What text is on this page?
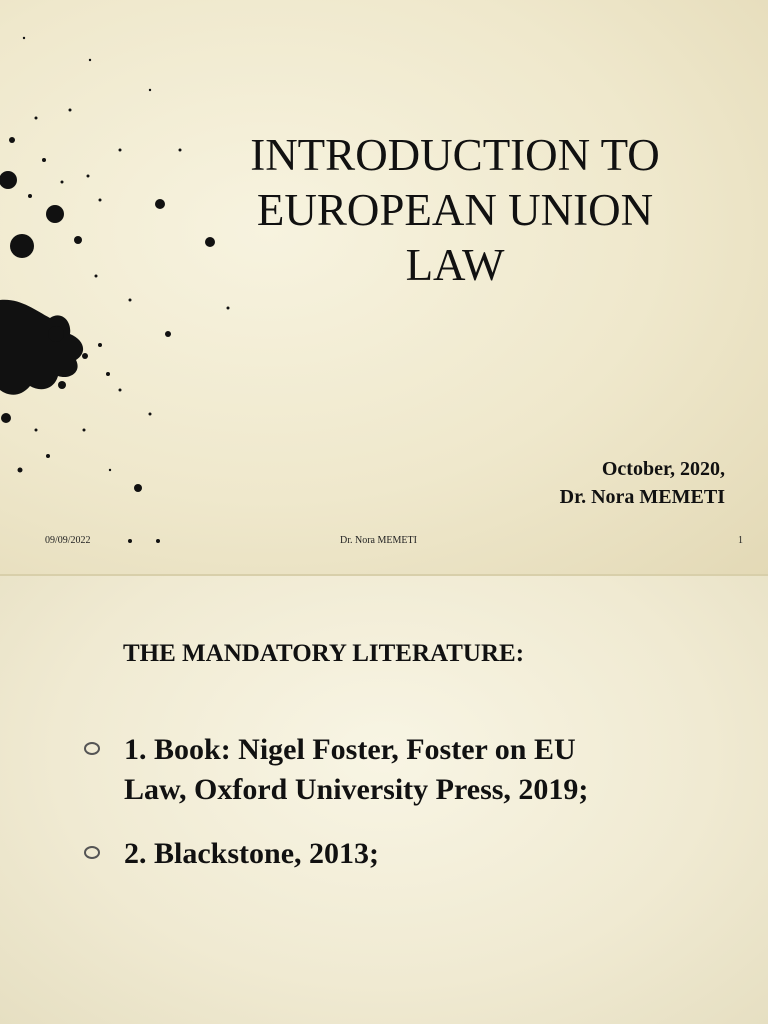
INTRODUCTION TO
EUROPEAN UNION
LAW
October, 2020,
Dr. Nora MEMETI
09/09/2022	Dr. Nora MEMETI	1
THE MANDATORY LITERATURE:
1. Book: Nigel Foster, Foster on EU
Law, Oxford University Press, 2019;
2. Blackstone, 2013;
